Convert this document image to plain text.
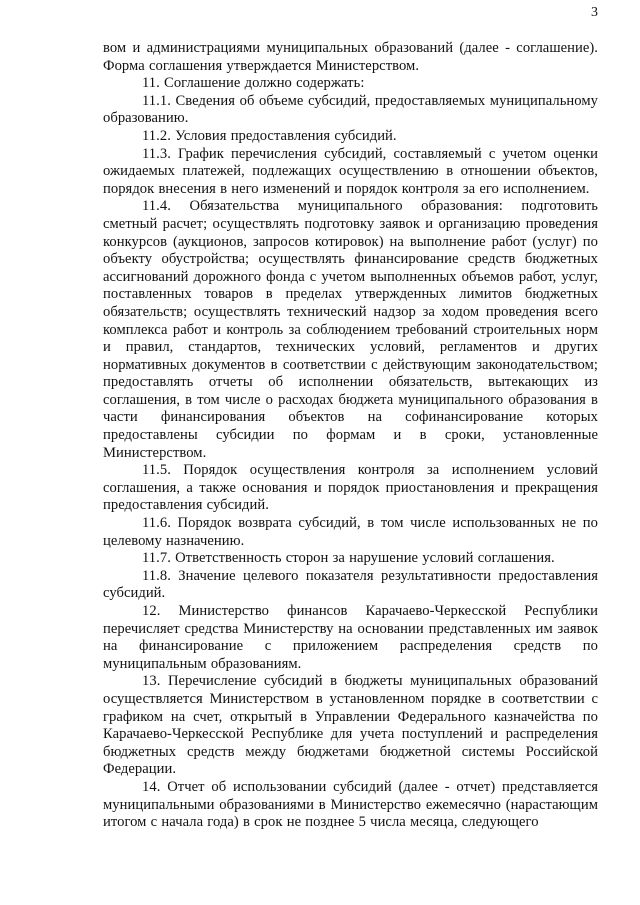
3

вом и администрациями муниципальных образований (далее - соглашение). Форма соглашения утверждается Министерством.

11. Соглашение должно содержать:

11.1. Сведения об объеме субсидий, предоставляемых муниципальному образованию.

11.2. Условия предоставления субсидий.

11.3. График перечисления субсидий, составляемый с учетом оценки ожидаемых платежей, подлежащих осуществлению в отношении объектов, порядок внесения в него изменений и порядок контроля за его исполнением.

11.4. Обязательства муниципального образования: подготовить сметный расчет; осуществлять подготовку заявок и организацию проведения конкурсов (аукционов, запросов котировок) на выполнение работ (услуг) по объекту обустройства; осуществлять финансирование средств бюджетных ассигнований дорожного фонда с учетом выполненных объемов работ, услуг, поставленных товаров в пределах утвержденных лимитов бюджетных обязательств; осуществлять технический надзор за ходом проведения всего комплекса работ и контроль за соблюдением требований строительных норм и правил, стандартов, технических условий, регламентов и других нормативных документов в соответствии с действующим законодательством; предоставлять отчеты об исполнении обязательств, вытекающих из соглашения, в том числе о расходах бюджета муниципального образования в части финансирования объектов на софинансирование которых предоставлены субсидии по формам и в сроки, установленные Министерством.

11.5. Порядок осуществления контроля за исполнением условий соглашения, а также основания и порядок приостановления и прекращения предоставления субсидий.

11.6. Порядок возврата субсидий, в том числе использованных не по целевому назначению.

11.7. Ответственность сторон за нарушение условий соглашения.

11.8. Значение целевого показателя результативности предоставления субсидий.

12. Министерство финансов Карачаево-Черкесской Республики перечисляет средства Министерству на основании представленных им заявок на финансирование с приложением распределения средств по муниципальным образованиям.

13. Перечисление субсидий в бюджеты муниципальных образований осуществляется Министерством в установленном порядке в соответствии с графиком на счет, открытый в Управлении Федерального казначейства по Карачаево-Черкесской Республике для учета поступлений и распределения бюджетных средств между бюджетами бюджетной системы Российской Федерации.

14. Отчет об использовании субсидий (далее - отчет) представляется муниципальными образованиями в Министерство ежемесячно (нарастающим итогом с начала года) в срок не позднее 5 числа месяца, следующего
